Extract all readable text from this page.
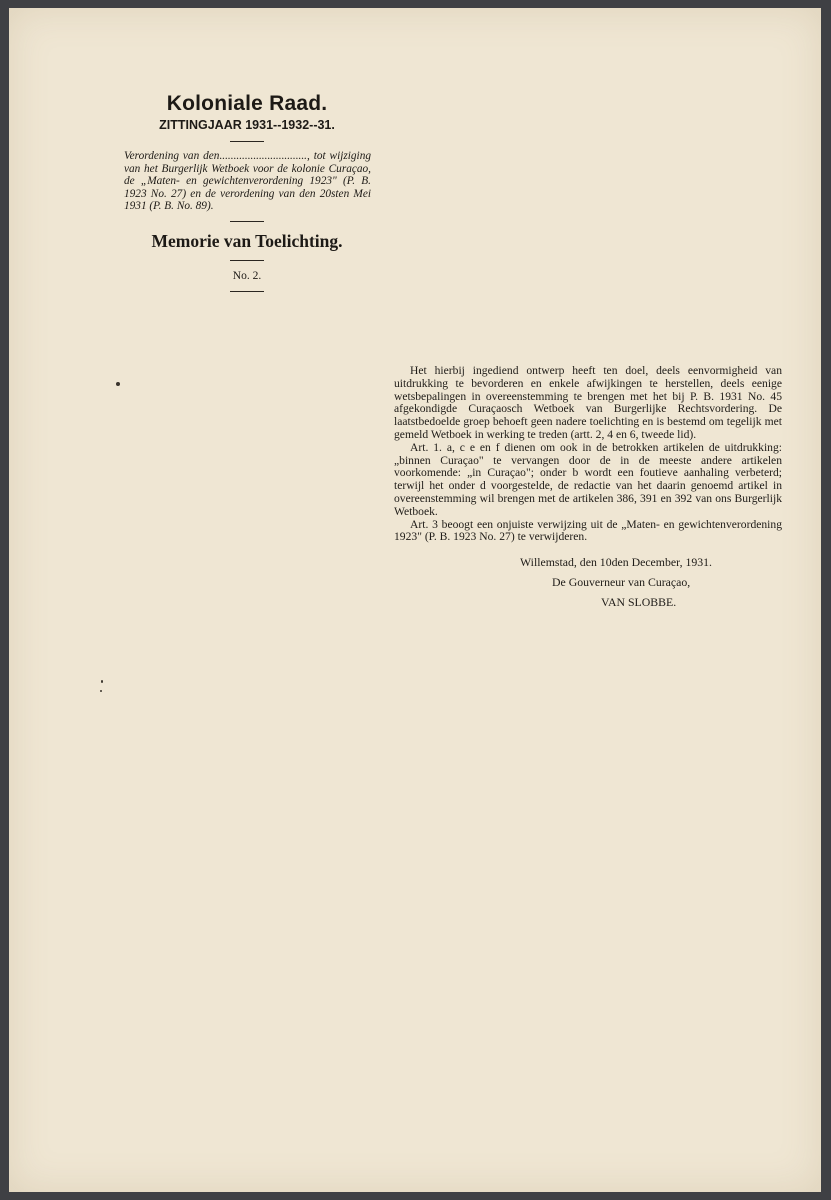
Koloniale Raad.
ZITTINGJAAR 1931--1932--31.
Verordening van den..............................., tot wijziging van het Burgerlijk Wetboek voor de kolonie Curaçao, de „Maten- en gewichtenverordening 1923" (P. B. 1923 No. 27) en de verordening van den 20sten Mei 1931 (P. B. No. 89).
Memorie van Toelichting.
No. 2.

Het hierbij ingediend ontwerp heeft ten doel, deels eenvormigheid van uitdrukking te bevorderen en enkele afwijkingen te herstellen, deels eenige wetsbepalingen in overeenstemming te brengen met het bij P. B. 1931 No. 45 afgekondigde Curaçaosch Wetboek van Burgerlijke Rechtsvordering. De laatstbedoelde groep behoeft geen nadere toelichting en is bestemd om tegelijk met gemeld Wetboek in werking te treden (artt. 2, 4 en 6, tweede lid).

Art. 1. a, c e en f dienen om ook in de betrokken artikelen de uitdrukking: „binnen Curaçao" te vervangen door de in de meeste andere artikelen voorkomende: „in Curaçao"; onder b wordt een foutieve aanhaling verbeterd; terwijl het onder d voorgestelde, de redactie van het daarin genoemd artikel in overeenstemming wil brengen met de artikelen 386, 391 en 392 van ons Burgerlijk Wetboek.

Art. 3 beoogt een onjuiste verwijzing uit de „Maten- en gewichtenverordening 1923" (P. B. 1923 No. 27) te verwijderen.

Willemstad, den 10den December, 1931.
De Gouverneur van Curaçao,
VAN SLOBBE.
